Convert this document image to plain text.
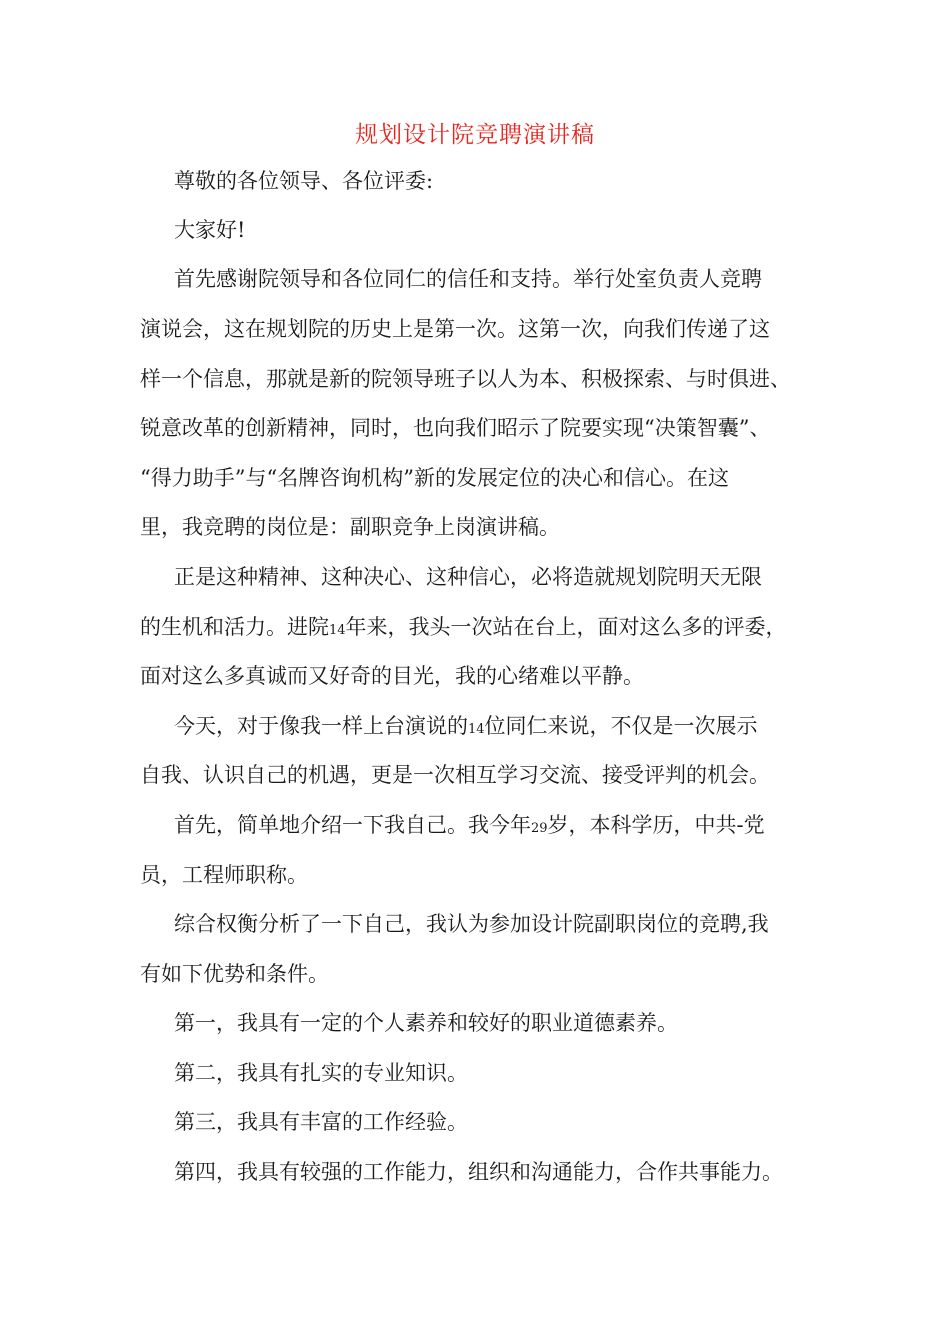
规划设计院竞聘演讲稿
尊敬的各位领导、各位评委:
大家好!
首先感谢院领导和各位同仁的信任和支持。举行处室负责人竞聘
演说会，这在规划院的历史上是第一次。这第一次，向我们传递了这
样一个信息，那就是新的院领导班子以人为本、积极探索、与时俱进、
锐意改革的创新精神，同时，也向我们昭示了院要实现“决策智囊”、
“得力助手”与“名牌咨询机构”新的发展定位的决心和信心。在这
里，我竞聘的岗位是：副职竞争上岗演讲稿。
正是这种精神、这种决心、这种信心，必将造就规划院明天无限
的生机和活力。进院14年来，我头一次站在台上，面对这么多的评委，
面对这么多真诚而又好奇的目光，我的心绪难以平静。
今天，对于像我一样上台演说的14位同仁来说，不仅是一次展示
自我、认识自己的机遇，更是一次相互学习交流、接受评判的机会。
首先，简单地介绍一下我自己。我今年29岁，本科学历，中共-党
员，工程师职称。
综合权衡分析了一下自己，我认为参加设计院副职岗位的竞聘,我
有如下优势和条件。
第一，我具有一定的个人素养和较好的职业道德素养。
第二，我具有扎实的专业知识。
第三，我具有丰富的工作经验。
第四，我具有较强的工作能力，组织和沟通能力，合作共事能力。
